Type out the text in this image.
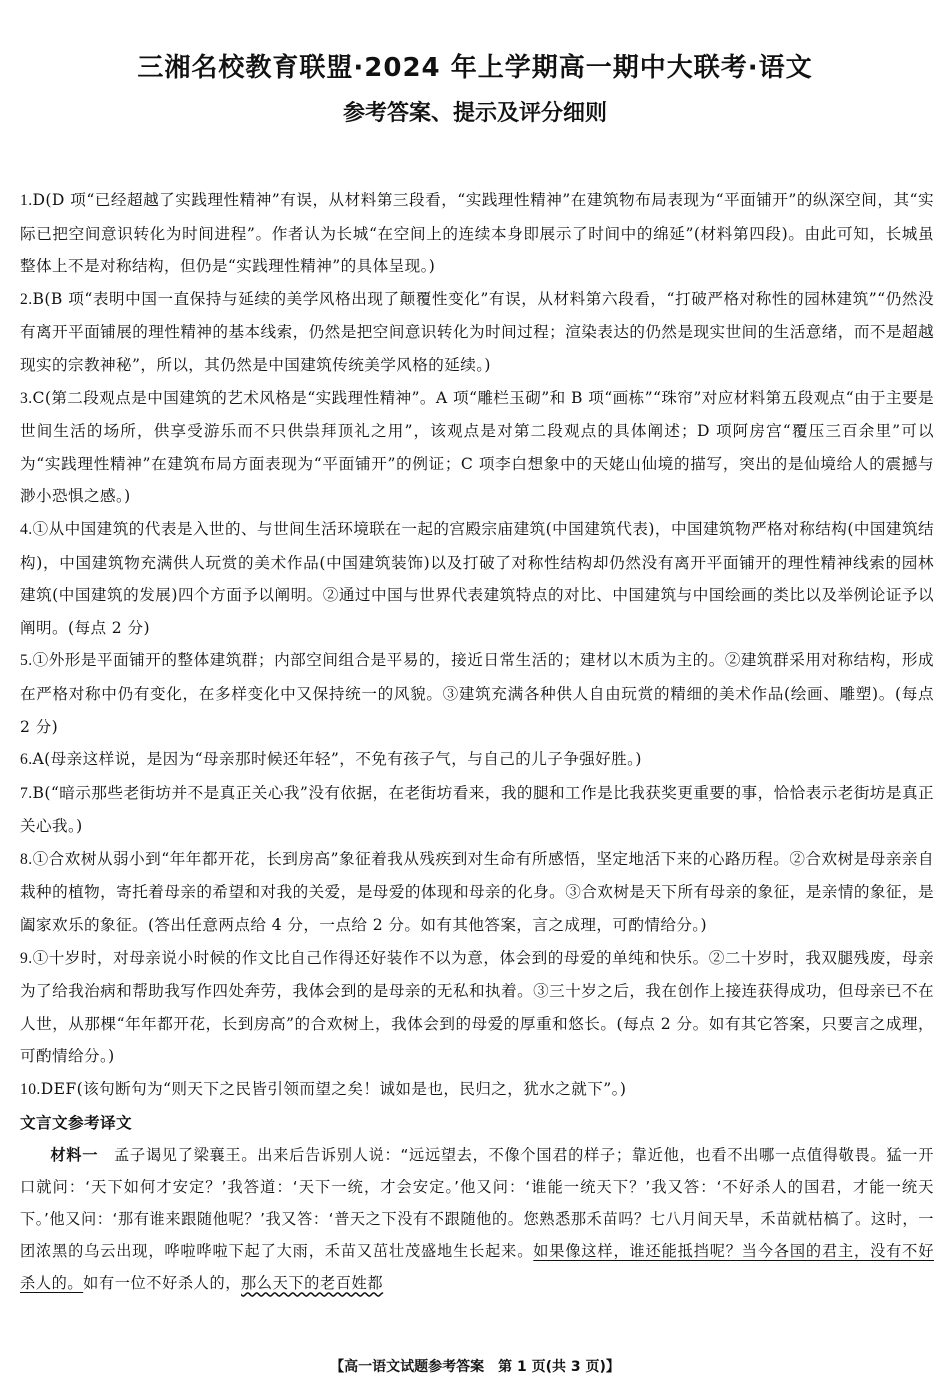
三湘名校教育联盟·2024 年上学期高一期中大联考·语文
参考答案、提示及评分细则

1.D(D 项“已经超越了实践理性精神”有误，从材料第三段看，“实践理性精神”在建筑物布局表现为“平面铺开”的纵深空间，其“实际已把空间意识转化为时间进程”。作者认为长城“在空间上的连续本身即展示了时间中的绵延”(材料第四段)。由此可知，长城虽整体上不是对称结构，但仍是“实践理性精神”的具体呈现。)

2.B(B 项“表明中国一直保持与延续的美学风格出现了颠覆性变化”有误，从材料第六段看，“打破严格对称性的园林建筑”“仍然没有离开平面铺展的理性精神的基本线索，仍然是把空间意识转化为时间过程；渲染表达的仍然是现实世间的生活意绪，而不是超越现实的宗教神秘”，所以，其仍然是中国建筑传统美学风格的延续。)

3.C(第二段观点是中国建筑的艺术风格是“实践理性精神”。A 项“雕栏玉砌”和 B 项“画栋”“珠帘”对应材料第五段观点“由于主要是世间生活的场所，供享受游乐而不只供祟拜顶礼之用”，该观点是对第二段观点的具体阐述；D 项阿房宫“覆压三百余里”可以为“实践理性精神”在建筑布局方面表现为“平面铺开”的例证；C 项李白想象中的天姥山仙境的描写，突出的是仙境给人的震撼与渺小恐惧之感。)

4.①从中国建筑的代表是入世的、与世间生活环境联在一起的宫殿宗庙建筑(中国建筑代表)，中国建筑物严格对称结构(中国建筑结构)，中国建筑物充满供人玩赏的美术作品(中国建筑装饰)以及打破了对称性结构却仍然没有离开平面铺开的理性精神线索的园林建筑(中国建筑的发展)四个方面予以阐明。②通过中国与世界代表建筑特点的对比、中国建筑与中国绘画的类比以及举例论证予以阐明。(每点 2 分)

5.①外形是平面铺开的整体建筑群；内部空间组合是平易的，接近日常生活的；建材以木质为主的。②建筑群采用对称结构，形成在严格对称中仍有变化，在多样变化中又保持统一的风貌。③建筑充满各种供人自由玩赏的精细的美术作品(绘画、雕塑)。(每点 2 分)

6.A(母亲这样说，是因为“母亲那时候还年轻”，不免有孩子气，与自己的儿子争强好胜。)

7.B(“暗示那些老街坊并不是真正关心我”没有依据，在老街坊看来，我的腿和工作是比我获奖更重要的事，恰恰表示老街坊是真正关心我。)

8.①合欢树从弱小到“年年都开花，长到房高”象征着我从残疾到对生命有所感悟，坚定地活下来的心路历程。②合欢树是母亲亲自栽种的植物，寄托着母亲的希望和对我的关爱，是母爱的体现和母亲的化身。③合欢树是天下所有母亲的象征，是亲情的象征，是阖家欢乐的象征。(答出任意两点给 4 分，一点给 2 分。如有其他答案，言之成理，可酌情给分。)

9.①十岁时，对母亲说小时候的作文比自己作得还好装作不以为意，体会到的母爱的单纯和快乐。②二十岁时，我双腿残废，母亲为了给我治病和帮助我写作四处奔劳，我体会到的是母亲的无私和执着。③三十岁之后，我在创作上接连获得成功，但母亲已不在人世，从那棵“年年都开花，长到房高”的合欢树上，我体会到的母爱的厚重和悠长。(每点 2 分。如有其它答案，只要言之成理，可酌情给分。)

10.DEF(该句断句为“则天下之民皆引领而望之矣！诚如是也，民归之，犹水之就下”。)

文言文参考译文

材料一　 孟子谒见了梁襄王。出来后告诉别人说：“远远望去，不像个国君的样子；靠近他，也看不出哪一点值得敬畏。猛一开口就问：‘天下如何才安定？’我答道：‘天下一统，才会安定。’他又问：‘谁能一统天下？’我又答：‘不好杀人的国君，才能一统天下。’他又问：‘那有谁来跟随他呢？’我又答：‘普天之下没有不跟随他的。您熟悉那禾苗吗？七八月间天旱，禾苗就枯槁了。这时，一团浓黑的乌云出现，哗啦哗啦下起了大雨，禾苗又茁壮茂盛地生长起来。如果像这样，谁还能抵挡呢？当今各国的君主，没有不好杀人的。如有一位不好杀人的，那么天下的老百姓都

【高一语文试题参考答案　第 1 页(共 3 页)】
